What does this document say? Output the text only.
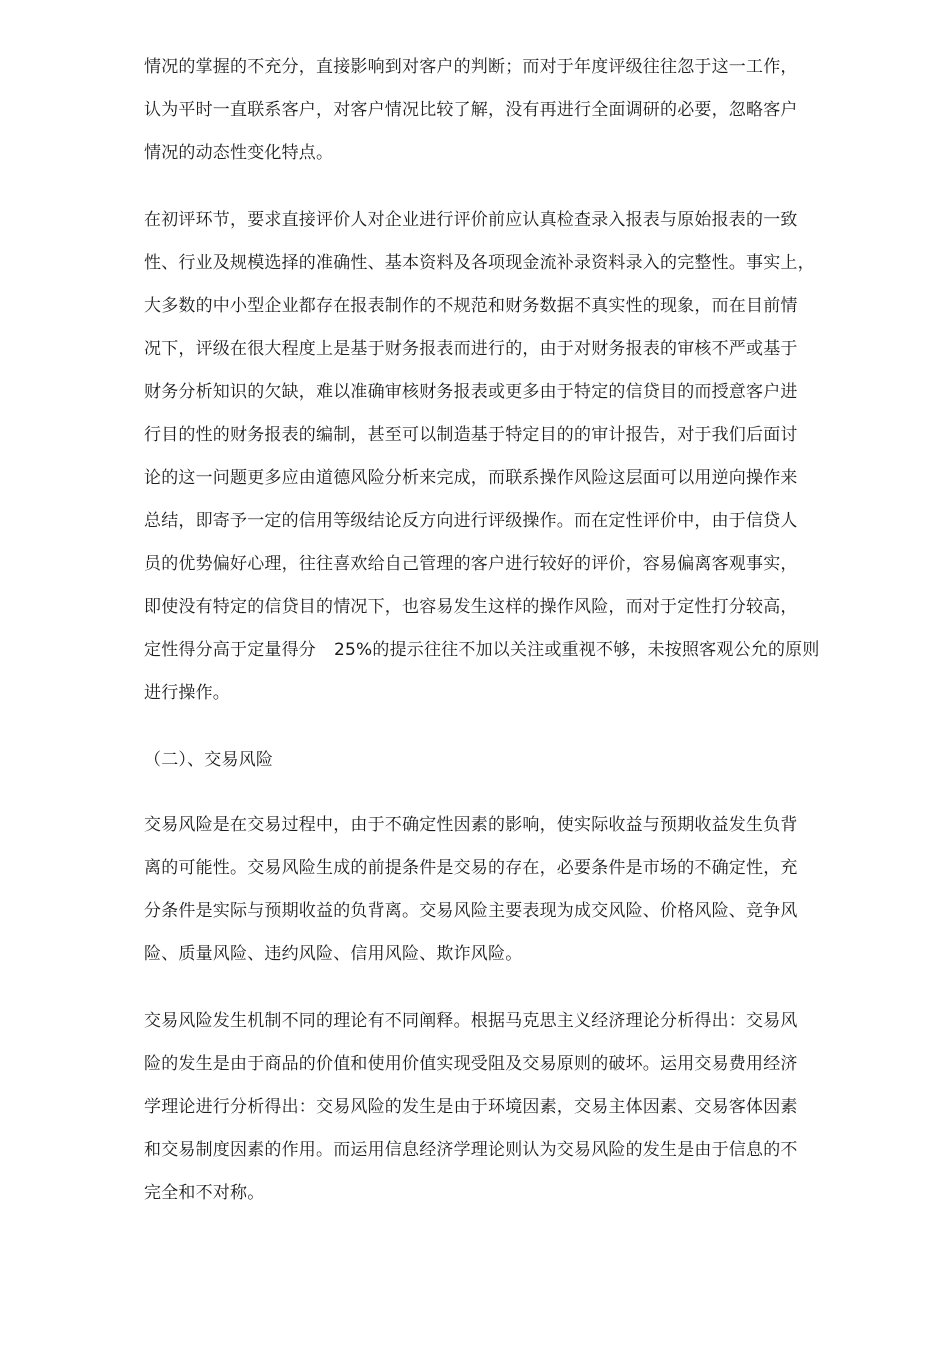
情况的掌握的不充分，直接影响到对客户的判断；而对于年度评级往往忽于这一工作，
认为平时一直联系客户，对客户情况比较了解，没有再进行全面调研的必要，忽略客户
情况的动态性变化特点。
在初评环节，要求直接评价人对企业进行评价前应认真检查录入报表与原始报表的一致
性、行业及规模选择的准确性、基本资料及各项现金流补录资料录入的完整性。事实上，
大多数的中小型企业都存在报表制作的不规范和财务数据不真实性的现象，而在目前情
况下，评级在很大程度上是基于财务报表而进行的，由于对财务报表的审核不严或基于
财务分析知识的欠缺，难以准确审核财务报表或更多由于特定的信贷目的而授意客户进
行目的性的财务报表的编制，甚至可以制造基于特定目的的审计报告，对于我们后面讨
论的这一问题更多应由道德风险分析来完成，而联系操作风险这层面可以用逆向操作来
总结，即寄予一定的信用等级结论反方向进行评级操作。而在定性评价中，由于信贷人
员的优势偏好心理，往往喜欢给自己管理的客户进行较好的评价，容易偏离客观事实，
即使没有特定的信贷目的情况下，也容易发生这样的操作风险，而对于定性打分较高，
定性得分高于定量得分 25%的提示往往不加以关注或重视不够，未按照客观公允的原则
进行操作。
（二）、交易风险
交易风险是在交易过程中，由于不确定性因素的影响，使实际收益与预期收益发生负背
离的可能性。交易风险生成的前提条件是交易的存在，必要条件是市场的不确定性，充
分条件是实际与预期收益的负背离。交易风险主要表现为成交风险、价格风险、竞争风
险、质量风险、违约风险、信用风险、欺诈风险。
交易风险发生机制不同的理论有不同阐释。根据马克思主义经济理论分析得出：交易风
险的发生是由于商品的价值和使用价值实现受阻及交易原则的破坏。运用交易费用经济
学理论进行分析得出：交易风险的发生是由于环境因素，交易主体因素、交易客体因素
和交易制度因素的作用。而运用信息经济学理论则认为交易风险的发生是由于信息的不
完全和不对称。
